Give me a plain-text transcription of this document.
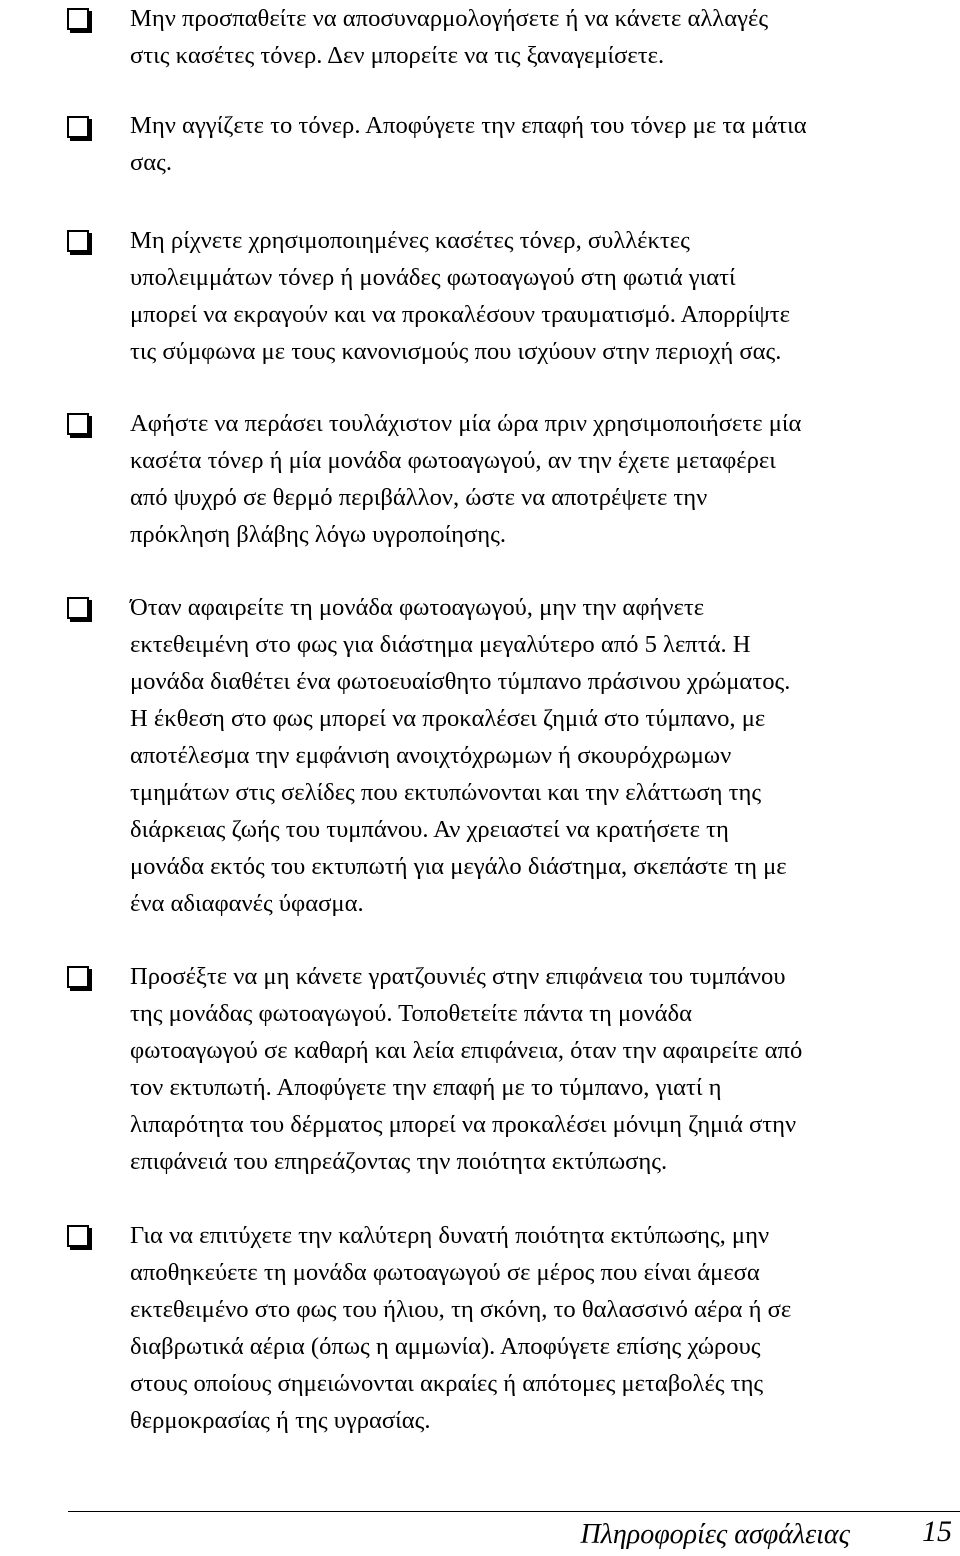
Μην προσπαθείτε να αποσυναρμολογήσετε ή να κάνετε αλλαγές
στις κασέτες τόνερ. Δεν μπορείτε να τις ξαναγεμίσετε.
Μην αγγίζετε το τόνερ. Αποφύγετε την επαφή του τόνερ με τα μάτια
σας.
Μη ρίχνετε χρησιμοποιημένες κασέτες τόνερ, συλλέκτες
υπολειμμάτων τόνερ ή μονάδες φωτοαγωγού στη φωτιά γιατί
μπορεί να εκραγούν και να προκαλέσουν τραυματισμό. Απορρίψτε
τις σύμφωνα με τους κανονισμούς που ισχύουν στην περιοχή σας.
Αφήστε να περάσει τουλάχιστον μία ώρα πριν χρησιμοποιήσετε μία
κασέτα τόνερ ή μία μονάδα φωτοαγωγού, αν την έχετε μεταφέρει
από ψυχρό σε θερμό περιβάλλον, ώστε να αποτρέψετε την
πρόκληση βλάβης λόγω υγροποίησης.
Όταν αφαιρείτε τη μονάδα φωτοαγωγού, μην την αφήνετε
εκτεθειμένη στο φως για διάστημα μεγαλύτερο από 5 λεπτά. Η
μονάδα διαθέτει ένα φωτοευαίσθητο τύμπανο πράσινου χρώματος.
Η έκθεση στο φως μπορεί να προκαλέσει ζημιά στο τύμπανο, με
αποτέλεσμα την εμφάνιση ανοιχτόχρωμων ή σκουρόχρωμων
τμημάτων στις σελίδες που εκτυπώνονται και την ελάττωση της
διάρκειας ζωής του τυμπάνου. Αν χρειαστεί να κρατήσετε τη
μονάδα εκτός του εκτυπωτή για μεγάλο διάστημα, σκεπάστε τη με
ένα αδιαφανές ύφασμα.
Προσέξτε να μη κάνετε γρατζουνιές στην επιφάνεια του τυμπάνου
της μονάδας φωτοαγωγού. Τοποθετείτε πάντα τη μονάδα
φωτοαγωγού σε καθαρή και λεία επιφάνεια, όταν την αφαιρείτε από
τον εκτυπωτή. Αποφύγετε την επαφή με το τύμπανο, γιατί η
λιπαρότητα του δέρματος μπορεί να προκαλέσει μόνιμη ζημιά στην
επιφάνειά του επηρεάζοντας την ποιότητα εκτύπωσης.
Για να επιτύχετε την καλύτερη δυνατή ποιότητα εκτύπωσης, μην
αποθηκεύετε τη μονάδα φωτοαγωγού σε μέρος που είναι άμεσα
εκτεθειμένο στο φως του ήλιου, τη σκόνη, το θαλασσινό αέρα ή σε
διαβρωτικά αέρια (όπως η αμμωνία). Αποφύγετε επίσης χώρους
στους οποίους σημειώνονται ακραίες ή απότομες μεταβολές της
θερμοκρασίας ή της υγρασίας.
Πληροφορίες ασφάλειας 15
